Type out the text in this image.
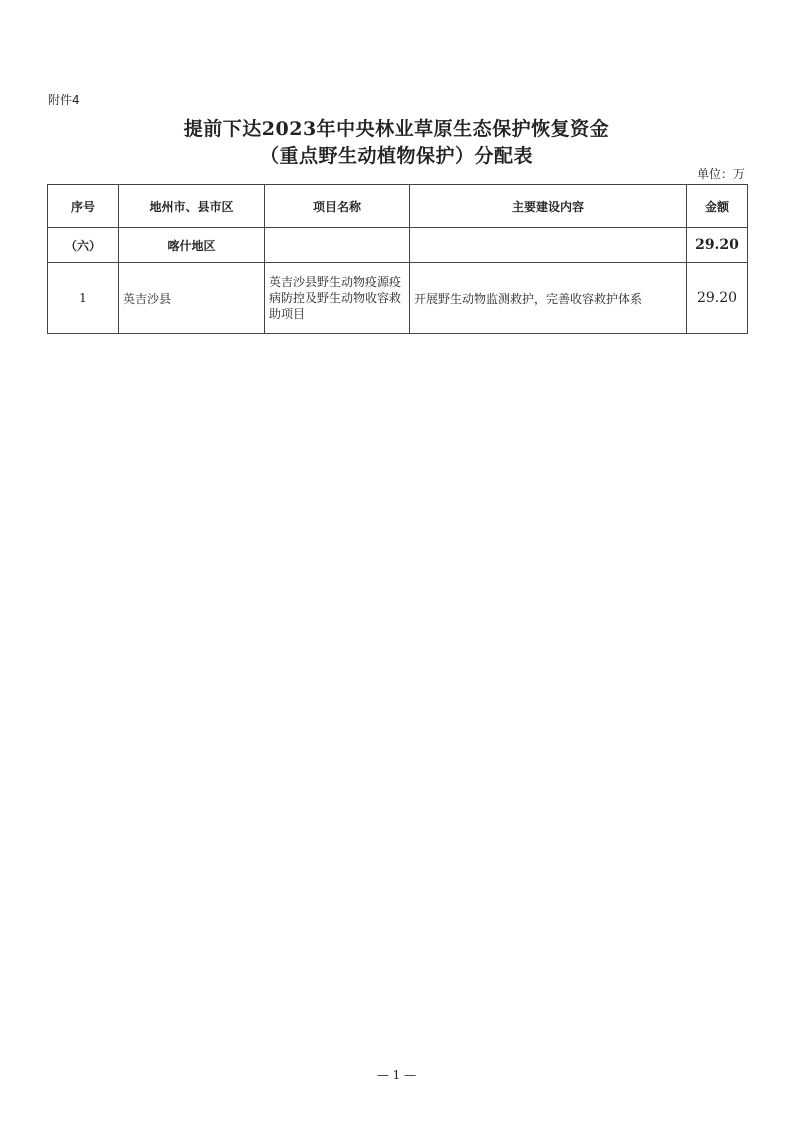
附件4
提前下达2023年中央林业草原生态保护恢复资金
（重点野生动植物保护）分配表
单位：万
序号	地州市、县市区	项目名称	主要建设内容	金额
（六）	喀什地区			29.20
1	英吉沙县	英吉沙县野生动物疫源疫病防控及野生动物收容救助项目	开展野生动物监测救护，完善收容救护体系	29.20
— 1 —
